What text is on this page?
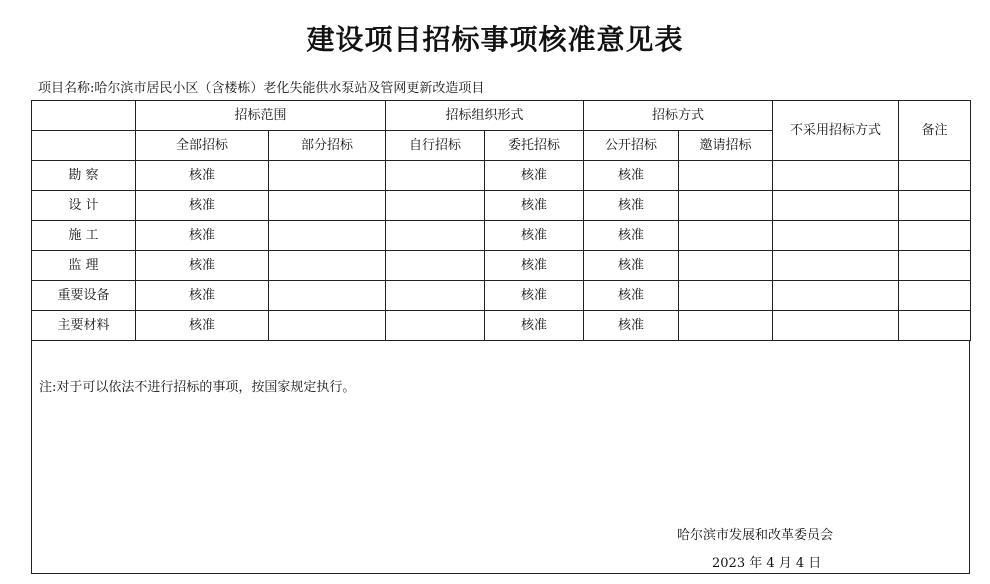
建设项目招标事项核准意见表
项目名称:哈尔滨市居民小区（含楼栋）老化失能供水泵站及管网更新改造项目
	招标范围		招标组织形式		招标方式		不采用招标方式	备注
	全部招标	部分招标	自行招标	委托招标	公开招标	邀请招标		
勘 察	核准			核准	核准			
设 计	核准			核准	核准			
施 工	核准			核准	核准			
监 理	核准			核准	核准			
重要设备	核准			核准	核准			
主要材料	核准			核准	核准			
注:对于可以依法不进行招标的事项，按国家规定执行。
哈尔滨市发展和改革委员会
2023 年 4 月 4 日
